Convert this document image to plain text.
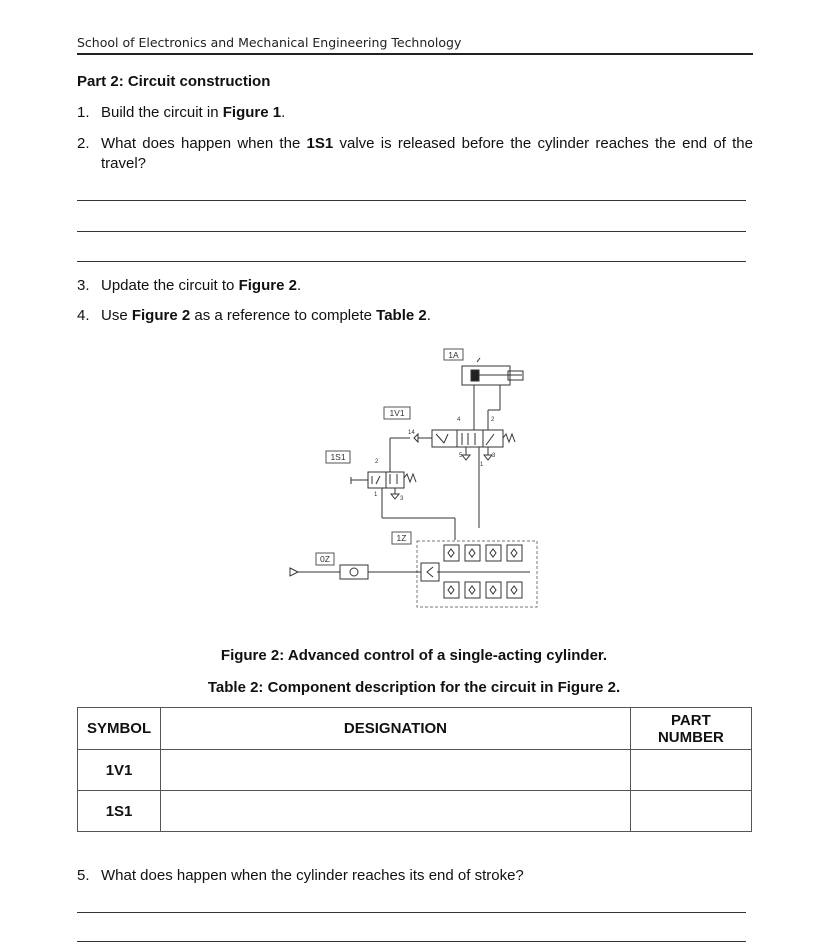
School of Electronics and Mechanical Engineering Technology
Part 2: Circuit construction
1. Build the circuit in Figure 1.
2. What does happen when the 1S1 valve is released before the cylinder reaches the end of the travel?
3. Update the circuit to Figure 2.
4. Use Figure 2 as a reference to complete Table 2.
1A
1V1
14
4	2
5	3
1
1S1	2
1
3
1Z
0Z
Figure 2: Advanced control of a single-acting cylinder.
Table 2: Component description for the circuit in Figure 2.
SYMBOL	DESIGNATION	PART
NUMBER
1V1		
1S1		
5. What does happen when the cylinder reaches its end of stroke?
